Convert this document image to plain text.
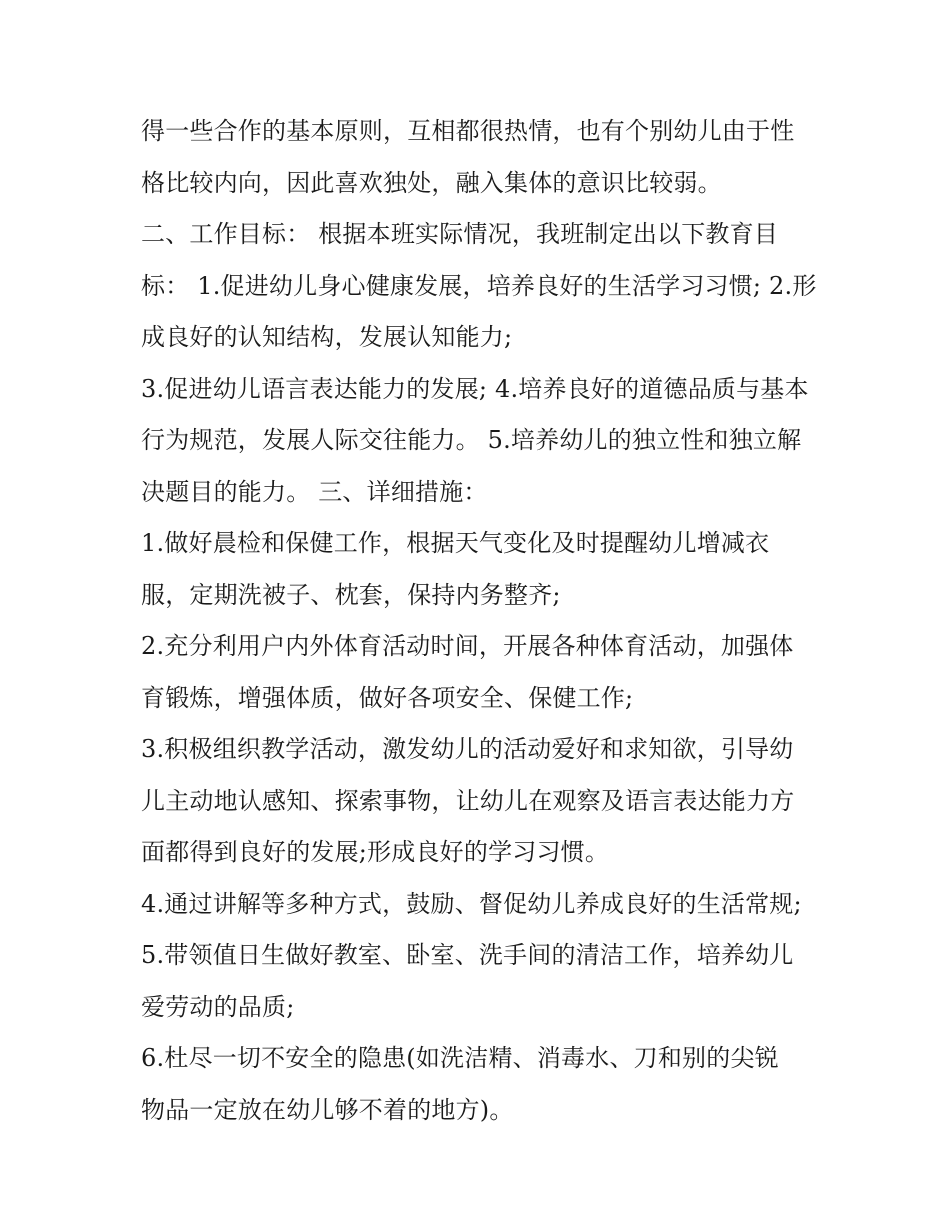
得一些合作的基本原则，互相都很热情，也有个别幼儿由于性
格比较内向，因此喜欢独处，融入集体的意识比较弱。
二、工作目标： 根据本班实际情况，我班制定出以下教育目
标： 1.促进幼儿身心健康发展，培养良好的生活学习习惯; 2.形
成良好的认知结构，发展认知能力;
3.促进幼儿语言表达能力的发展; 4.培养良好的道德品质与基本
行为规范，发展人际交往能力。 5.培养幼儿的独立性和独立解
决题目的能力。 三、详细措施：
1.做好晨检和保健工作，根据天气变化及时提醒幼儿增减衣
服，定期洗被子、枕套，保持内务整齐;
2.充分利用户内外体育活动时间，开展各种体育活动，加强体
育锻炼，增强体质，做好各项安全、保健工作;
3.积极组织教学活动，激发幼儿的活动爱好和求知欲，引导幼
儿主动地认感知、探索事物，让幼儿在观察及语言表达能力方
面都得到良好的发展;形成良好的学习习惯。
4.通过讲解等多种方式，鼓励、督促幼儿养成良好的生活常规;
5.带领值日生做好教室、卧室、洗手间的清洁工作，培养幼儿
爱劳动的品质;
6.杜尽一切不安全的隐患(如洗洁精、消毒水、刀和别的尖锐
物品一定放在幼儿够不着的地方)。
